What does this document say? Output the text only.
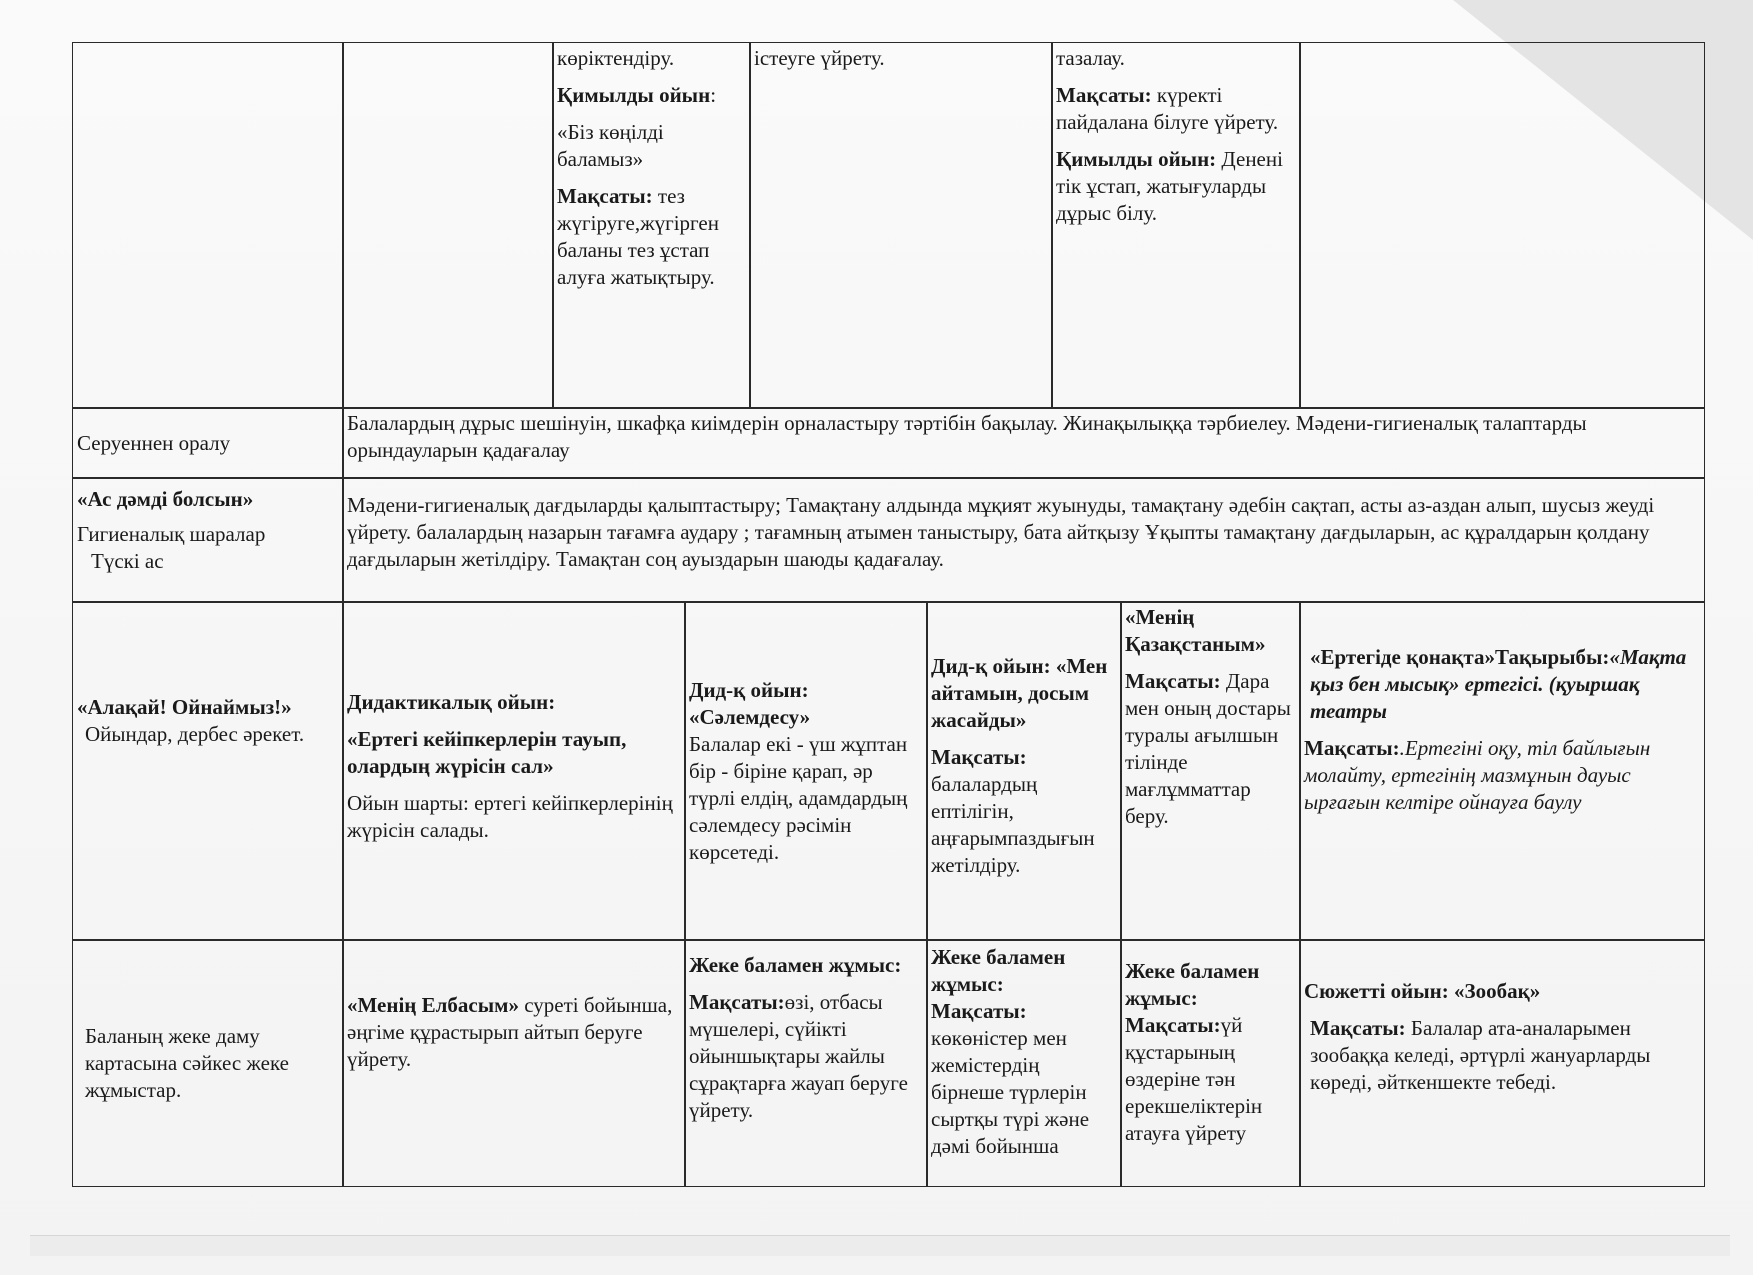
көріктендіру.

Қимылды ойын:

«Біз көңілді баламыз»

Мақсаты: тез жүгіруге,жүгірген баланы тез ұстап алуға жатықтыру.

істеуге үйрету.	тазалау.

Мақсаты: күректі пайдалана білуге үйрету.

Қимылды ойын: Денені тік ұстап, жатығуларды дұрыс білу.

Серуеннен оралу
Балалардың дұрыс шешінуін, шкафқа киімдерін орналастыру тәртібін бақылау. Жинақылыққа тәрбиелеу. Мәдени-гигиеналық талаптарды орындауларын қадағалау
«Ас дәмді болсын»
Гигиеналық шаралар
Түскі ас
Мәдени-гигиеналық дағдыларды қалыптастыру; Тамақтану алдында мұқият жуынуды, тамақтану әдебін сақтап, асты аз-аздан алып, шусыз жеуді үйрету. балалардың назарын тағамға аудару ; тағамның атымен таныстыру, бата айтқызу Ұқыпты тамақтану дағдыларын, ас құралдарын қолдану дағдыларын жетілдіру. Тамақтан соң ауыздарын шаюды қадағалау.
«Алақай! Ойнаймыз!»
Ойындар, дербес әрекет.

Дидактикалық ойын:

«Ертегі кейіпкерлерін тауып, олардың жүрісін сал»

Ойын шарты: ертегі кейіпкерлерінің жүрісін салады.

Дид-қ ойын: «Сәлемдесу»
Балалар екі - үш жұптан бір - біріне қарап, әр түрлі елдің, адамдардың сәлемдесу рәсімін көрсетеді.

Дид-қ ойын: «Мен айтамын, досым жасайды»

Мақсаты: балалардың ептілігін, аңғарымпаздығын жетілдіру.

«Менің Қазақстаным»

Мақсаты: Дара мен оның достары туралы ағылшын тілінде мағлұмматтар беру.

«Ертегіде қонақта»Тақырыбы:«Мақта қыз бен мысық» ертегісі. (қуыршақ театры

Мақсаты:.Ертегіні оқу, тіл байлығын молайту, ертегінің мазмұнын дауыс ырғағын келтіре ойнауға баулу

Баланың жеке даму картасына сәйкес жеке жұмыстар.
«Менің Елбасым» суреті бойынша, әңгіме құрастырып айтып беруге үйрету.

Жеке баламен жұмыс:

Мақсаты:өзі, отбасы мүшелері, сүйікті ойыншықтары жайлы сұрақтарға жауап беруге үйрету.

Жеке баламен жұмыс:
Мақсаты: көкөністер мен жемістердің бірнеше түрлерін сыртқы түрі және дәмі бойынша
Жеке баламен жұмыс:
Мақсаты:үй құстарының өздеріне тән ерекшеліктерін атауға үйрету

Сюжетті ойын: «Зообақ»

Мақсаты: Балалар ата-аналарымен зообаққа келеді, әртүрлі жануарларды көреді, әйткеншекте тебеді.
